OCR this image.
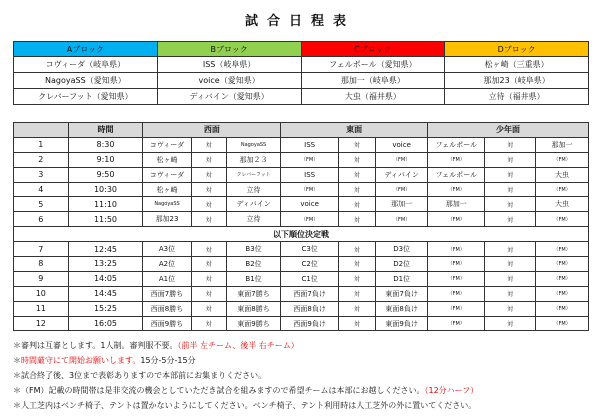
試合日程表
Aブロック	Bブロック	Cブロック	Dブロック
コヴィーダ（岐阜県）	ISS（岐阜県）	フェルポール（愛知県）	松ヶ崎（三重県）
NagoyaSS（愛知県）	voice（愛知県）	那加一（岐阜県）	那加23（岐阜県）
クレバーフット（愛知県）	ディバイン（愛知県）	大虫（福井県）	立待（福井県）
	時間	西面			東面			少年面		
1	8:30	コヴィーダ	対	NagoyaSS	ISS	対	voice	フェルポール	対	那加一
2	9:10	松ヶ崎	対	那加２３	（FM）	対	（FM）	（FM）	対	（FM）
3	9:50	コヴィーダ	対	クレバーフット	ISS	対	ディバイン	フェルポール	対	大虫
4	10:30	松ヶ崎	対	立待	（FM）	対	（FM）	（FM）	対	（FM）
5	11:10	NagoyaSS	対	ディバイン	voice	対	那加一	那加一	対	大虫
6	11:50	那加23	対	立待	（FM）	対	（FM）	（FM）	対	（FM）
以下順位決定戦										
7	12:45	A3位	対	B3位	C3位	対	D3位	（FM）	対	（FM）
8	13:25	A2位	対	B2位	C2位	対	D2位	（FM）	対	（FM）
9	14:05	A1位	対	B1位	C1位	対	D1位	（FM）	対	（FM）
10	14:45	西面7勝ち	対	東面7勝ち	西面7負け	対	東面7負け	（FM）	対	（FM）
11	15:25	西面8勝ち	対	東面8勝ち	西面8負け	対	東面8負け	（FM）	対	（FM）
12	16:05	西面9勝ち	対	東面9勝ち	西面9負け	対	東面9負け	（FM）	対	（FM）
＊審判は互審とします。1人制。審判服不要。（前半 左チーム、後半 右チーム）
＊時間厳守にて開始お願いします。15分-5分-15分
＊試合終了後、3位まで表彰ありますので本部前にお集まりください。
＊（FM）記載の時間帯は是非交流の機会としていただき試合を組みますので希望チームは本部にお越しください。（12分ハーフ）
＊人工芝内はベンチ椅子、テントは置かないようにしてください。ベンチ椅子、テント利用時は人工芝外の外に置いてください。
